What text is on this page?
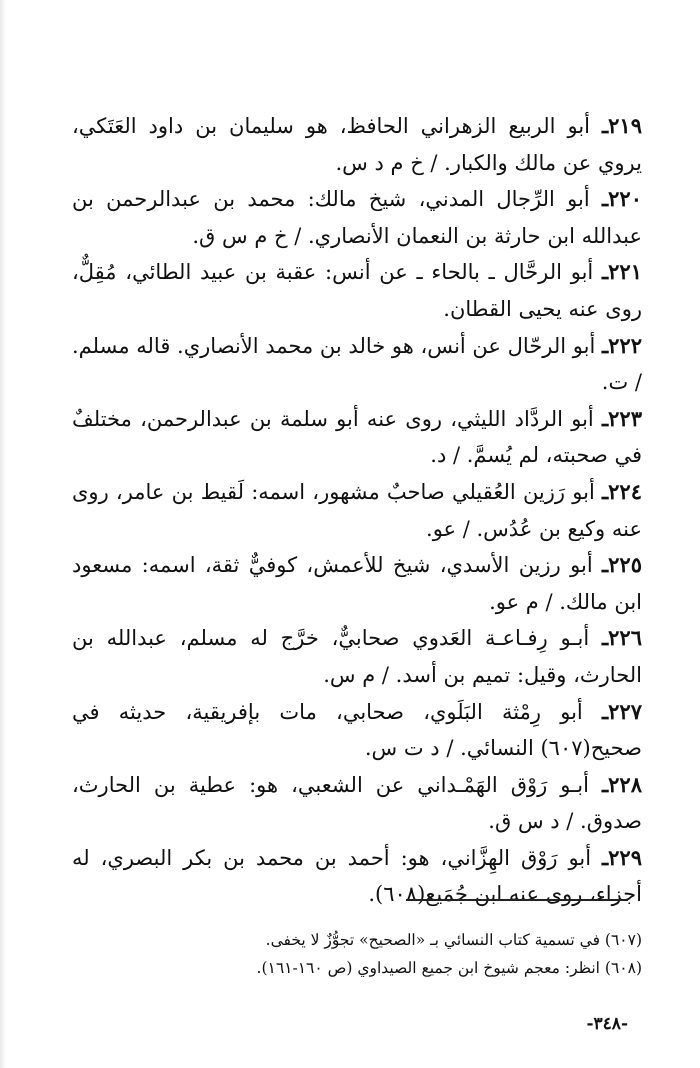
٢١٩ـ أبو الربيع الزهراني الحافظ، هو سليمان بن داود العَتَكي، يروي عن مالك والكبار. / خ م د س.

٢٢٠ـ أبو الرِّجال المدني، شيخ مالك: محمد بن عبدالرحمن بن عبدالله ابن حارثة بن النعمان الأنصاري. / خ م س ق.

٢٢١ـ أبو الرحَّال ـ بالحاء ـ عن أنس: عقبة بن عبيد الطائي، مُقِلٌّ، روى عنه يحيى القطان.

٢٢٢ـ أبو الرحّال عن أنس، هو خالد بن محمد الأنصاري. قاله مسلم. / ت.

٢٢٣ـ أبو الردَّاد الليثي، روى عنه أبو سلمة بن عبدالرحمن، مختلفٌ في صحبته، لم يُسمَّ. / د.

٢٢٤ـ أبو رَزين العُقيلي صاحبٌ مشهور، اسمه: لَقيط بن عامر، روى عنه وكيع بن عُدُس. / عو.

٢٢٥ـ أبو رزين الأسدي، شيخ للأعمش، كوفيٌّ ثقة، اسمه: مسعود ابن مالك. / م عو.

٢٢٦ـ أبـو رِفـاعـة العَدوي صحابيٌّ، خرَّج له مسلم، عبدالله بن الحارث، وقيل: تميم بن أسد. / م س.

٢٢٧ـ أبو رِمْثة البَلَوي، صحابي، مات بإفريقية، حديثه في صحيح(٦٠٧) النسائي. / د ت س.

٢٢٨ـ أبـو رَوْق الهَمْـداني عن الشعبي، هو: عطية بن الحارث، صدوق. / د س ق.

٢٢٩ـ أبو رَوْق الهِزَّاني، هو: أحمد بن محمد بن بكر البصري، له أجزاء، روى عنه ابن جُمَيع(٦٠٨).

(٦٠٧) في تسمية كتاب النسائي بـ «الصحيح» تجوُّزٌ لا يخفى.

(٦٠٨) انظر: معجم شيوخ ابن جميع الصيداوي (ص ١٦٠-١٦١).

-٣٤٨-
